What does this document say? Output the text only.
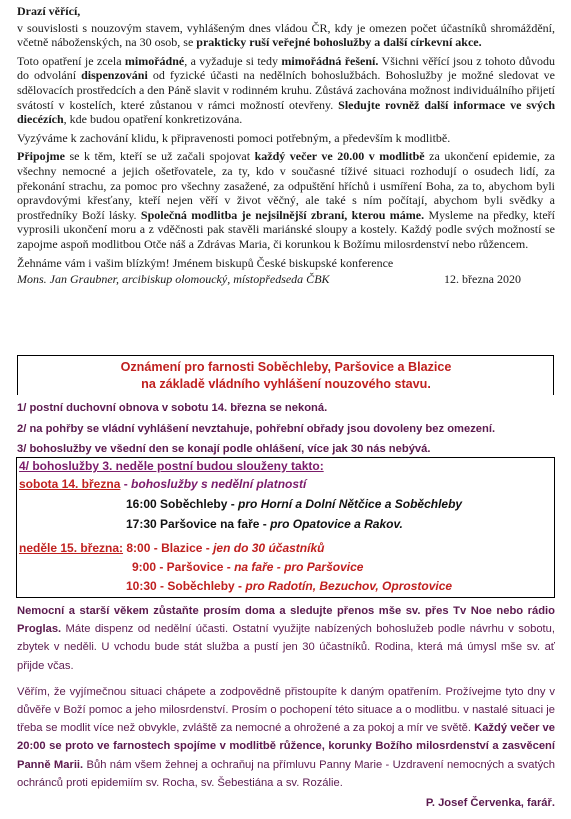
Drazí věřící,

v souvislosti s nouzovým stavem, vyhlášeným dnes vládou ČR, kdy je omezen počet účastníků shromáždění, včetně náboženských, na 30 osob, se prakticky ruší veřejné bohoslužby a další církevní akce.

Toto opatření je zcela mimořádné, a vyžaduje si tedy mimořádná řešení. Všichni věřící jsou z tohoto důvodu do odvolání dispenzováni od fyzické účasti na nedělních bohoslužbách. Bohoslužby je možné sledovat ve sdělovacích prostředcích a den Páně slavit v rodinném kruhu. Zůstává zachována možnost individuálního přijetí svátostí v kostelích, které zůstanou v rámci možností otevřeny. Sledujte rovněž další informace ve svých diecézích, kde budou opatření konkretizována.

Vyzýváme k zachování klidu, k připravenosti pomoci potřebným, a především k modlitbě.

Připojme se k těm, kteří se už začali spojovat každý večer ve 20.00 v modlitbě za ukončení epidemie, za všechny nemocné a jejich ošetřovatele, za ty, kdo v současné tíživé situaci rozhodují o osudech lidí, za překonání strachu, za pomoc pro všechny zasažené, za odpuštění hříchů i usmíření Boha, za to, abychom byli opravdovými křesťany, kteří nejen věří v život věčný, ale také s ním počítají, abychom byli svědky a prostředníky Boží lásky. Společná modlitba je nejsilnější zbraní, kterou máme. Mysleme na předky, kteří vyprosili ukončení moru a z vděčnosti pak stavěli mariánské sloupy a kostely. Každý podle svých možností se zapojme aspoň modlitbou Otče náš a Zdrávas Maria, či korunkou k Božímu milosrdenství nebo růžencem.

Žehnáme vám i vašim blízkým! Jménem biskupů České biskupské konference

Mons. Jan Graubner, arcibiskup olomoucký, místopředseda ČBK	12. března 2020

Oznámení pro farnosti Soběchleby, Paršovice a Blazice
na základě vládního vyhlášení nouzového stavu.
1/ postní duchovní obnova v sobotu 14. března se nekoná.
2/ na pohřby se vládní vyhlášení nevztahuje, pohřební obřady jsou dovoleny bez omezení.
3/ bohoslužby ve všední den se konají podle ohlášení, více jak 30 nás nebývá.
4/ bohoslužby 3. neděle postní budou slouženy takto:
sobota 14. března - bohoslužby s nedělní platností
16:00 Soběchleby - pro Horní a Dolní Nětčice a Soběchleby
17:30 Paršovice na faře - pro Opatovice a Rakov.
neděle 15. března: 8:00 - Blazice - jen do 30 účastníků
9:00 - Paršovice - na faře - pro Paršovice
10:30 - Soběchleby - pro Radotín, Bezuchov, Oprostovice

Nemocní a starší věkem zůstaňte prosím doma a sledujte přenos mše sv. přes Tv Noe nebo rádio Proglas. Máte dispenz od nedělní účasti. Ostatní využijte nabízených bohoslužeb podle návrhu v sobotu, zbytek v neděli. U vchodu bude stát služba a pustí jen 30 účastníků. Rodina, která má úmysl mše sv. ať přijde včas.

Věřím, že vyjímečnou situaci chápete a zodpovědně přistoupíte k daným opatřením. Prožívejme tyto dny v důvěře v Boží pomoc a jeho milosrdenství. Prosím o pochopení této situace a o modlitbu. v nastalé situaci je třeba se modlit více než obvykle, zvláště za nemocné a ohrožené a za pokoj a mír ve světě. Každý večer ve 20:00 se proto ve farnostech spojíme v modlitbě růžence, korunky Božího milosrdenství a zasvěcení Panně Marii. Bůh nám všem žehnej a ochraňuj na přímluvu Panny Marie - Uzdravení nemocných a svatých ochránců proti epidemiím sv. Rocha, sv. Šebestiána a sv. Rozálie.

P. Josef Červenka, farář.
